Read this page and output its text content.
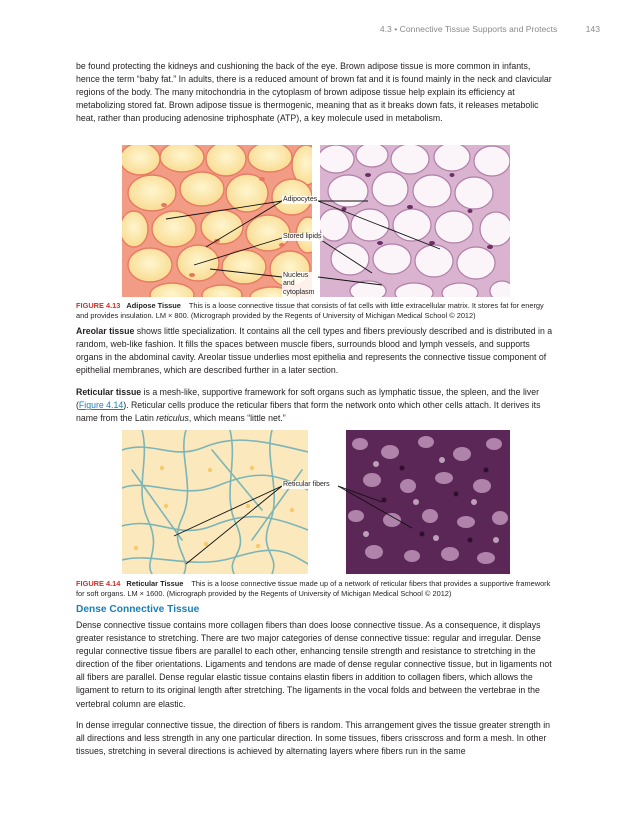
4.3 • Connective Tissue Supports and Protects	143

be found protecting the kidneys and cushioning the back of the eye. Brown adipose tissue is more common in infants, hence the term “baby fat.” In adults, there is a reduced amount of brown fat and it is found mainly in the neck and clavicular regions of the body. The many mitochondria in the cytoplasm of brown adipose tissue help explain its efficiency at metabolizing stored fat. Brown adipose tissue is thermogenic, meaning that as it breaks down fats, it releases metabolic heat, rather than producing adenosine triphosphate (ATP), a key molecule used in metabolism.

Adipocytes
Stored lipids
Nucleus
and
cytoplasm

FIGURE 4.13 Adipose Tissue This is a loose connective tissue that consists of fat cells with little extracellular matrix. It stores fat for energy and provides insulation. LM × 800. (Micrograph provided by the Regents of University of Michigan Medical School © 2012)

Areolar tissue shows little specialization. It contains all the cell types and fibers previously described and is distributed in a random, web-like fashion. It fills the spaces between muscle fibers, surrounds blood and lymph vessels, and supports organs in the abdominal cavity. Areolar tissue underlies most epithelia and represents the connective tissue component of epithelial membranes, which are described further in a later section.

Reticular tissue is a mesh-like, supportive framework for soft organs such as lymphatic tissue, the spleen, and the liver (Figure 4.14). Reticular cells produce the reticular fibers that form the network onto which other cells attach. It derives its name from the Latin reticulus, which means “little net.”

Reticular fibers

FIGURE 4.14 Reticular Tissue This is a loose connective tissue made up of a network of reticular fibers that provides a supportive framework for soft organs. LM × 1600. (Micrograph provided by the Regents of University of Michigan Medical School © 2012)

Dense Connective Tissue

Dense connective tissue contains more collagen fibers than does loose connective tissue. As a consequence, it displays greater resistance to stretching. There are two major categories of dense connective tissue: regular and irregular. Dense regular connective tissue fibers are parallel to each other, enhancing tensile strength and resistance to stretching in the direction of the fiber orientations. Ligaments and tendons are made of dense regular connective tissue, but in ligaments not all fibers are parallel. Dense regular elastic tissue contains elastin fibers in addition to collagen fibers, which allows the ligament to return to its original length after stretching. The ligaments in the vocal folds and between the vertebrae in the vertebral column are elastic.

In dense irregular connective tissue, the direction of fibers is random. This arrangement gives the tissue greater strength in all directions and less strength in any one particular direction. In some tissues, fibers crisscross and form a mesh. In other tissues, stretching in several directions is achieved by alternating layers where fibers run in the same
